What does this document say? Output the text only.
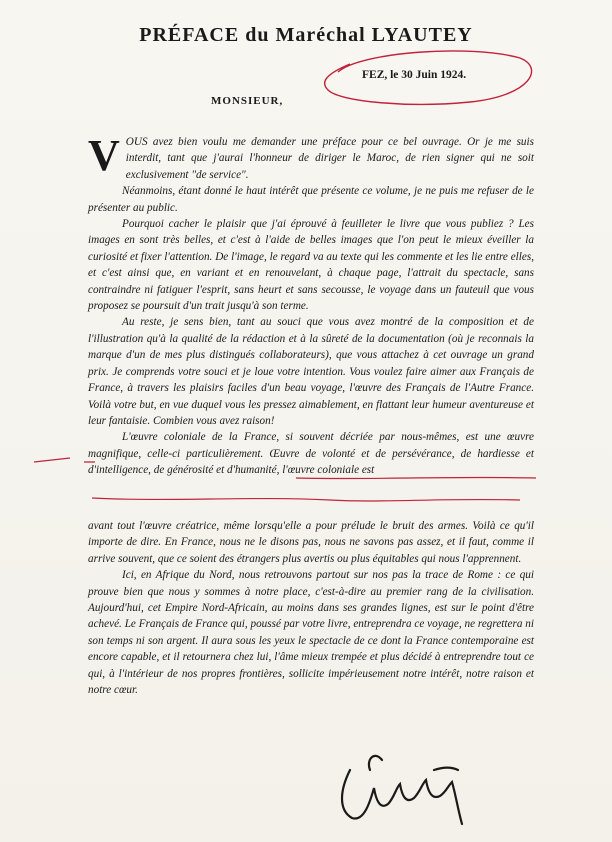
PRÉFACE du Maréchal LYAUTEY
FEZ, le 30 Juin 1924.
MONSIEUR,

VOUS avez bien voulu me demander une préface pour ce bel ouvrage. Or je me suis interdit, tant que j'aurai l'honneur de diriger le Maroc, de rien signer qui ne soit exclusivement "de service".

Néanmoins, étant donné le haut intérêt que présente ce volume, je ne puis me refuser de le présenter au public.

Pourquoi cacher le plaisir que j'ai éprouvé à feuilleter le livre que vous publiez ? Les images en sont très belles, et c'est à l'aide de belles images que l'on peut le mieux éveiller la curiosité et fixer l'attention. De l'image, le regard va au texte qui les commente et les lie entre elles, et c'est ainsi que, en variant et en renouvelant, à chaque page, l'attrait du spectacle, sans contraindre ni fatiguer l'esprit, sans heurt et sans secousse, le voyage dans un fauteuil que vous proposez se poursuit d'un trait jusqu'à son terme.

Au reste, je sens bien, tant au souci que vous avez montré de la composition et de l'illustration qu'à la qualité de la rédaction et à la sûreté de la documentation (où je reconnais la marque d'un de mes plus distingués collaborateurs), que vous attachez à cet ouvrage un grand prix. Je comprends votre souci et je loue votre intention. Vous voulez faire aimer aux Français de France, à travers les plaisirs faciles d'un beau voyage, l'œuvre des Français de l'Autre France. Voilà votre but, en vue duquel vous les pressez aimablement, en flattant leur humeur aventureuse et leur fantaisie. Combien vous avez raison!

L'œuvre coloniale de la France, si souvent décriée par nous-mêmes, est une œuvre magnifique, celle-ci particulièrement. Œuvre de volonté et de persévérance, de hardiesse et d'intelligence, de générosité et d'humanité, l'œuvre coloniale est

avant tout l'œuvre créatrice, même lorsqu'elle a pour prélude le bruit des armes. Voilà ce qu'il importe de dire. En France, nous ne le disons pas, nous ne savons pas assez, et il faut, comme il arrive souvent, que ce soient des étrangers plus avertis ou plus équitables qui nous l'apprennent.

Ici, en Afrique du Nord, nous retrouvons partout sur nos pas la trace de Rome : ce qui prouve bien que nous y sommes à notre place, c'est-à-dire au premier rang de la civilisation. Aujourd'hui, cet Empire Nord-Africain, au moins dans ses grandes lignes, est sur le point d'être achevé. Le Français de France qui, poussé par votre livre, entreprendra ce voyage, ne regrettera ni son temps ni son argent. Il aura sous les yeux le spectacle de ce dont la France contemporaine est encore capable, et il retournera chez lui, l'âme mieux trempée et plus décidé à entreprendre tout ce qui, à l'intérieur de nos propres frontières, sollicite impérieusement notre intérêt, notre raison et notre cœur.
